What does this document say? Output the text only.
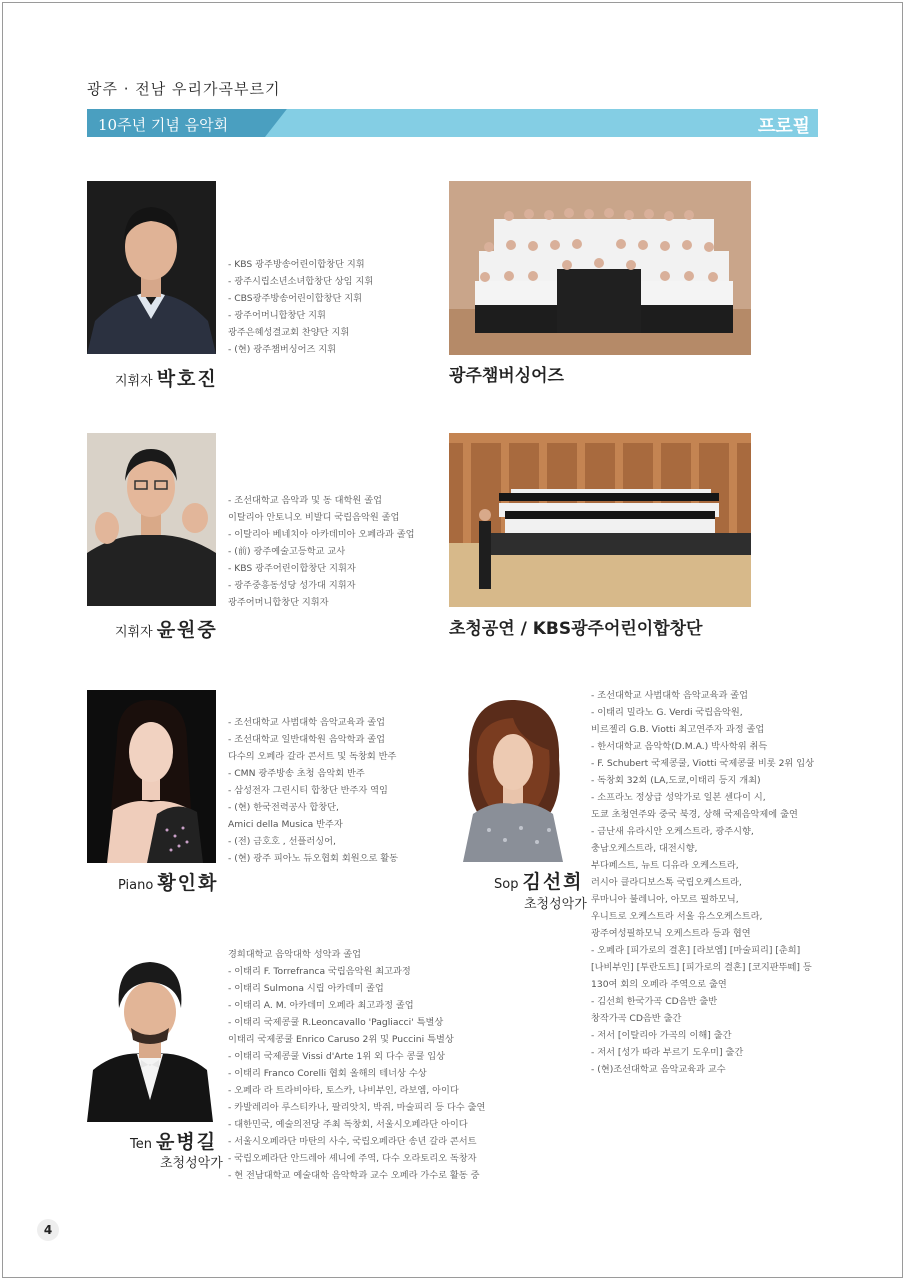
광주 · 전남 우리가곡부르기
10주년 기념 음악회	프로필
- KBS 광주방송어린이합창단 지휘
- 광주시립소년소녀합창단 상임 지휘
- CBS광주방송어린이합창단 지휘
- 광주어머니합창단 지휘
광주은혜성결교회 찬양단 지휘
- (현) 광주챔버싱어즈 지휘
지휘자 박호진	광주챔버싱어즈
- 조선대학교 음악과 및 동 대학원 졸업
이탈리아 안토니오 비발디 국립음악원 졸업
- 이탈리아 베네치아 아카데미아 오페라과 졸업
- (前) 광주예술고등학교 교사
- KBS 광주어린이합창단 지휘자
- 광주중흥동성당 성가대 지휘자
광주어머니합창단 지휘자
지휘자 윤원중	초청공연 / KBS광주어린이합창단
- 조선대학교 사범대학 음악교육과 졸업
- 조선대학교 일반대학원 음악학과 졸업
다수의 오페라 갈라 콘서트 및 독창회 반주
- CMN 광주방송 초청 음악회 반주
- 삼성전자 그린시티 합창단 반주자 역임
- (현) 한국전력공사 합창단,
Amici della Musica 반주자
- (전) 금호호 , 선플러싱어,
- (현) 광주 피아노 듀오협회 회원으로 활동
Piano 황인화
- 조선대학교 사범대학 음악교육과 졸업
- 이태리 밀라노 G. Verdi 국립음악원,
비르젤리 G.B. Viotti 최고연주자 과정 졸업
- 한서대학교 음악학(D.M.A.) 박사학위 취득
- F. Schubert 국제콩쿨, Viotti 국제콩쿨 비롯 2위 입상
- 독창회 32회 (LA,도쿄,이태리 등지 개최)
- 소프라노 정상급 성악가로 일본 센다이 시,
도쿄 초청연주와 중국 북경, 상해 국제음악제에 출연
- 금난새 유라시안 오케스트라, 광주시향,
충남오케스트라, 대전시향,
부다페스트, 뉴트 디유라 오케스트라,
러시아 클라디보스톡 국립오케스트라,
루마니아 불레니아, 아모르 필하모닉,
우니트로 오케스트라 서울 유스오케스트라,
광주여성필하모닉 오케스트라 등과 협연
- 오페라 [피가로의 결혼] [라보엠] [마술피리] [춘희]
[나비부인] [투란도트] [피가로의 결혼] [코지판뚜떼] 등
130여 회의 오페라 주역으로 출연
- 김선희 한국가곡 CD음반 출반
창작가곡 CD음반 출간
- 저서 [이탈리아 가곡의 이해] 출간
- 저서 [성가 따라 부르기 도우미] 출간
- (현)조선대학교 음악교육과 교수
Sop 김선희
초청성악가
경희대학교 음악대학 성악과 졸업
- 이태리 F. Torrefranca 국립음악원 최고과정
- 이태리 Sulmona 시립 아카데미 졸업
- 이태리 A. M. 아카데미 오페라 최고과정 졸업
- 이태리 국제콩쿨 R.Leoncavallo 'Pagliacci' 특별상
이태리 국제콩쿨 Enrico Caruso 2위 및 Puccini 특별상
- 이태리 국제콩쿨 Vissi d'Arte 1위 외 다수 콩쿨 입상
- 이태리 Franco Corelli 협회 올해의 테너상 수상
- 오페라 라 트라비아타, 토스카, 나비부인, 라보엠, 아이다
- 카발레리아 루스티카나, 팔리앗치, 박쥐, 마술피리 등 다수 출연
- 대한민국, 예술의전당 주최 독창회, 서울시오페라단 아이다
- 서울시오페라단 마탄의 사수, 국립오페라단 송년 갈라 콘서트
- 국립오페라단 안드레아 셰니에 주역, 다수 오라토리오 독창자
- 현 전남대학교 예술대학 음악학과 교수 오페라 가수로 활동 중
Ten 윤병길
초청성악가
4
